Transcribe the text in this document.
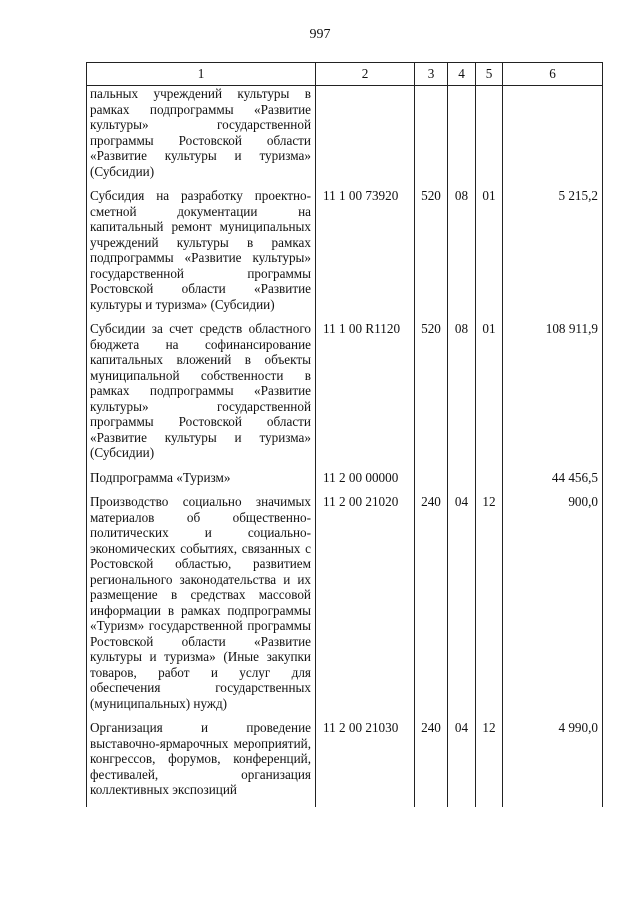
997
1	2	3	4	5	6
пальных учреждений культуры в рамках подпрограммы «Развитие культуры» государственной программы Ростовской области «Развитие культуры и туризма» (Субсидии)					
Субсидия на разработку проектно-сметной документации на капитальный ремонт муниципальных учреждений культуры в рамках подпрограммы «Развитие культуры» государственной программы Ростовской области «Развитие культуры и туризма» (Субсидии)	11 1 00 73920	520	08	01	5 215,2
Субсидии за счет средств областного бюджета на софинансирование капитальных вложений в объекты муниципальной собственности в рамках подпрограммы «Развитие культуры» государственной программы Ростовской области «Развитие культуры и туризма» (Субсидии)	11 1 00 R1120	520	08	01	108 911,9
Подпрограмма «Туризм»	11 2 00 00000				44 456,5
Производство социально значимых материалов об общественно-политических и социально-экономических событиях, связанных с Ростовской областью, развитием регионального законодательства и их размещение в средствах массовой информации в рамках подпрограммы «Туризм» государственной программы Ростовской области «Развитие культуры и туризма» (Иные закупки товаров, работ и услуг для обеспечения государственных (муниципальных) нужд)	11 2 00 21020	240	04	12	900,0
Организация и проведение выставочно-ярмарочных мероприятий, конгрессов, форумов, конференций, фестивалей, организация коллективных экспозиций	11 2 00 21030	240	04	12	4 990,0
